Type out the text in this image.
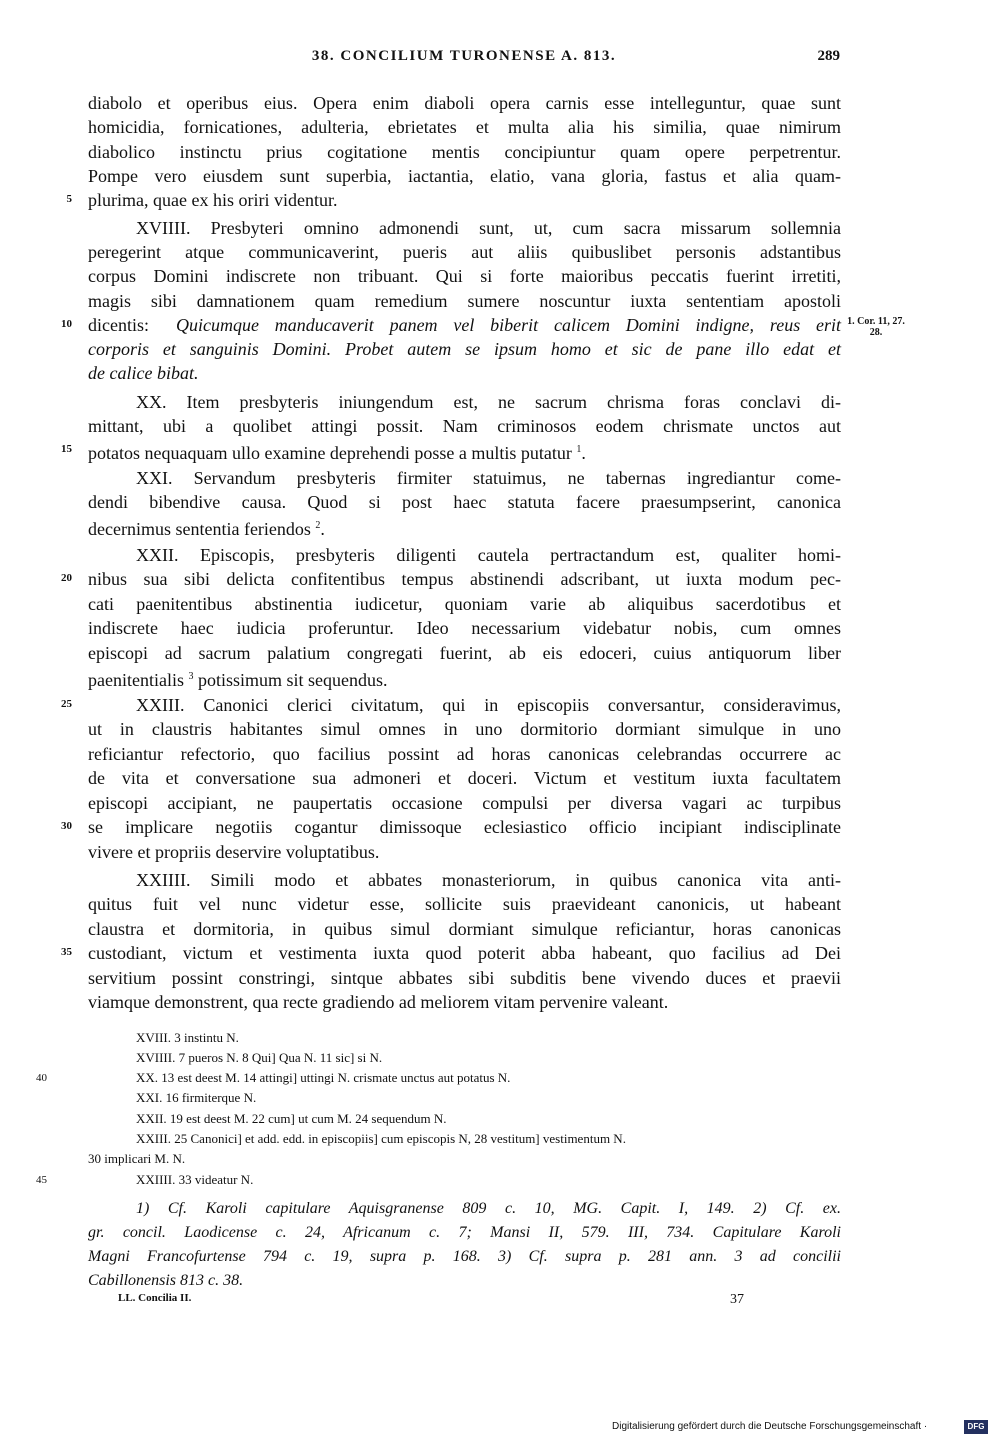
38. CONCILIUM TURONENSE A. 813.	289
diabolo et operibus eius. Opera enim diaboli opera carnis esse intelleguntur, quae sunt
homicidia, fornicationes, adulteria, ebrietates et multa alia his similia, quae nimirum
diabolico instinctu prius cogitatione mentis concipiuntur quam opere perpetrentur.
Pompe vero eiusdem sunt superbia, iactantia, elatio, vana gloria, fastus et alia quam-
plurima, quae ex his oriri videntur.
XVIIII. Presbyteri omnino admonendi sunt, ut, cum sacra missarum sollemnia
peregerint atque communicaverint, pueris aut aliis quibuslibet personis adstantibus
corpus Domini indiscrete non tribuant. Qui si forte maioribus peccatis fuerint irretiti,
magis sibi damnationem quam remedium sumere noscuntur iuxta sententiam apostoli
dicentis:	Quicumque manducaverit panem vel biberit calicem Domini indigne, reus erit
corporis et sanguinis Domini. Probet autem se ipsum homo et sic de pane illo edat et
de calice bibat.
XX. Item presbyteris iniungendum est, ne sacrum chrisma foras conclavi di-
mittant, ubi a quolibet attingi possit. Nam criminosos eodem chrismate unctos aut
potatos nequaquam ullo examine deprehendi posse a multis putatur $^1$.
XXI. Servandum presbyteris firmiter statuimus, ne tabernas ingrediantur come-
dendi bibendive causa. Quod si post haec statuta facere praesumpserint, canonica
decernimus sententia feriendos $^2$.
XXII. Episcopis, presbyteris diligenti cautela pertractandum est, qualiter homi-
nibus sua sibi delicta confitentibus tempus abstinendi adscribant, ut iuxta modum pec-
cati paenitentibus abstinentia iudicetur, quoniam varie ab aliquibus sacerdotibus et
indiscrete haec iudicia proferuntur. Ideo necessarium videbatur nobis, cum omnes
episcopi ad sacrum palatium congregati fuerint, ab eis edoceri, cuius antiquorum liber
paenitentialis $^3$ potissimum sit sequendus.
XXIII. Canonici clerici civitatum, qui in episcopiis conversantur, consideravimus,
ut in claustris habitantes simul omnes in uno dormitorio dormiant simulque in uno
reficiantur refectorio, quo facilius possint ad horas canonicas celebrandas occurrere ac
de vita et conversatione sua admoneri et doceri. Victum et vestitum iuxta facultatem
episcopi accipiant, ne paupertatis occasione compulsi per diversa vagari ac turpibus
se implicare negotiis cogantur dimissoque eclesiastico officio incipiant indisciplinate
vivere et propriis deservire voluptatibus.
XXIIII. Simili modo et abbates monasteriorum, in quibus canonica vita anti-
quitus fuit vel nunc videtur esse, sollicite suis praevideant canonicis, ut habeant
claustra et dormitoria, in quibus simul dormiant simulque reficiantur, horas canonicas
custodiant, victum et vestimenta iuxta quod poterit abba habeant, quo facilius ad Dei
servitium possint constringi, sintque abbates sibi subditis bene vivendo duces et praevii
viamque demonstrent, qua recte gradiendo ad meliorem vitam pervenire valeant.
5
10
15
20
25
30
35
40
45
1. Cor. 11, 27. 28.
XVIII. 3 instintu N.
XVIIII. 7 pueros N. 8 Qui] Qua N. 11 sic] si N.
XX. 13 est deest M. 14 attingi] uttingi N. crismate unctus aut potatus N.
XXI. 16 firmiterque N.
XXII. 19 est deest M. 22 cum] ut cum M. 24 sequendum N.
XXIII. 25 Canonici] et add. edd. in episcopiis] cum episcopis N, 28 vestitum] vestimentum N.
30 implicari M. N.
XXIIII. 33 videatur N.
1) Cf. Karoli capitulare Aquisgranense 809 c. 10, MG. Capit. I, 149. 2) Cf. ex.
gr. concil. Laodicense c. 24, Africanum c. 7; Mansi II, 579. III, 734. Capitulare Karoli
Magni Francofurtense 794 c. 19, supra p. 168. 3) Cf. supra p. 281 ann. 3 ad concilii
Cabillonensis 813 c. 38.
LL. Concilia II.	37
Digitalisierung gefördert durch die Deutsche Forschungsgemeinschaft ·	DFG
